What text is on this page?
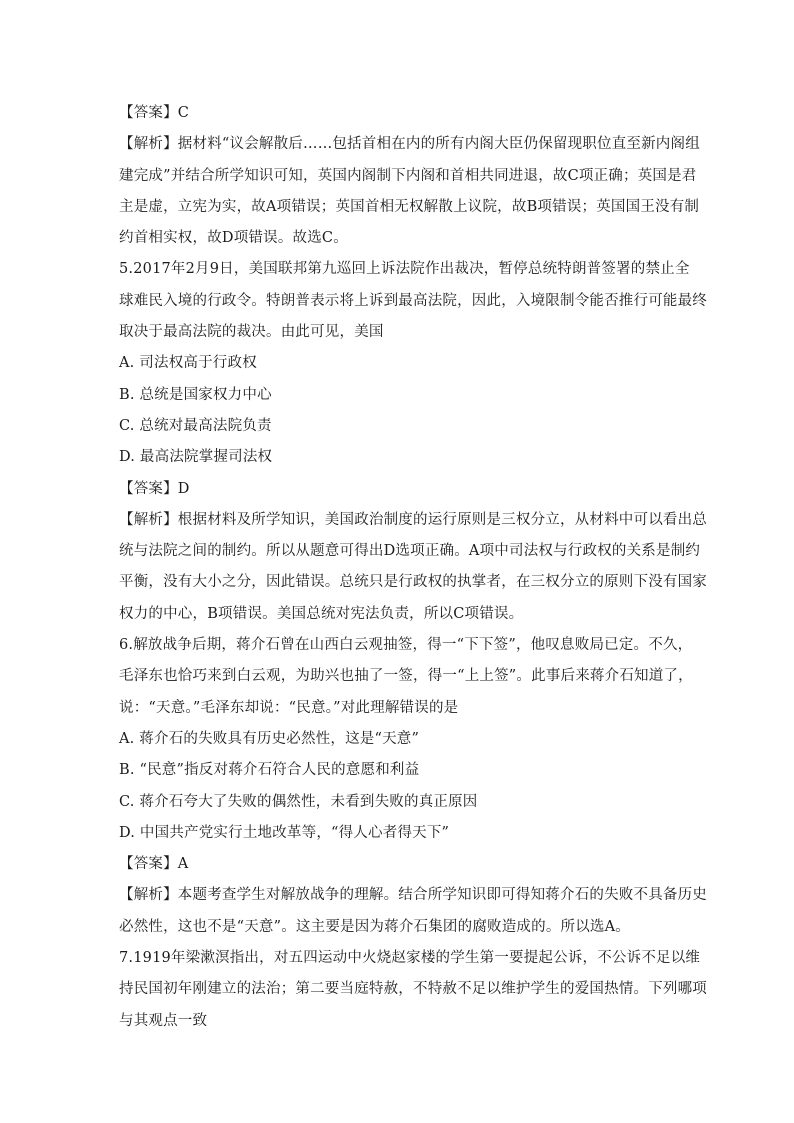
【答案】C
【解析】据材料“议会解散后……包括首相在内的所有内阁大臣仍保留现职位直至新内阁组
建完成”并结合所学知识可知，英国内阁制下内阁和首相共同进退，故C项正确；英国是君
主是虚，立宪为实，故A项错误；英国首相无权解散上议院，故B项错误；英国国王没有制
约首相实权，故D项错误。故选C。
5.2017年2月9日，美国联邦第九巡回上诉法院作出裁决，暂停总统特朗普签署的禁止全
球难民入境的行政令。特朗普表示将上诉到最高法院，因此，入境限制令能否推行可能最终
取决于最高法院的裁决。由此可见，美国
A. 司法权高于行政权
B. 总统是国家权力中心
C. 总统对最高法院负责
D. 最高法院掌握司法权
【答案】D
【解析】根据材料及所学知识，美国政治制度的运行原则是三权分立，从材料中可以看出总
统与法院之间的制约。所以从题意可得出D选项正确。A项中司法权与行政权的关系是制约
平衡，没有大小之分，因此错误。总统只是行政权的执掌者，在三权分立的原则下没有国家
权力的中心，B项错误。美国总统对宪法负责，所以C项错误。
6.解放战争后期，蒋介石曾在山西白云观抽签，得一“下下签”，他叹息败局已定。不久，
毛泽东也恰巧来到白云观，为助兴也抽了一签，得一“上上签”。此事后来蒋介石知道了，
说：“天意。”毛泽东却说：“民意。”对此理解错误的是
A. 蒋介石的失败具有历史必然性，这是“天意”
B. “民意”指反对蒋介石符合人民的意愿和利益
C. 蒋介石夸大了失败的偶然性，未看到失败的真正原因
D. 中国共产党实行土地改革等，“得人心者得天下”
【答案】A
【解析】本题考查学生对解放战争的理解。结合所学知识即可得知蒋介石的失败不具备历史
必然性，这也不是“天意”。这主要是因为蒋介石集团的腐败造成的。所以选A。
7.1919年梁漱溟指出，对五四运动中火烧赵家楼的学生第一要提起公诉，不公诉不足以维
持民国初年刚建立的法治；第二要当庭特赦，不特赦不足以维护学生的爱国热情。下列哪项
与其观点一致
